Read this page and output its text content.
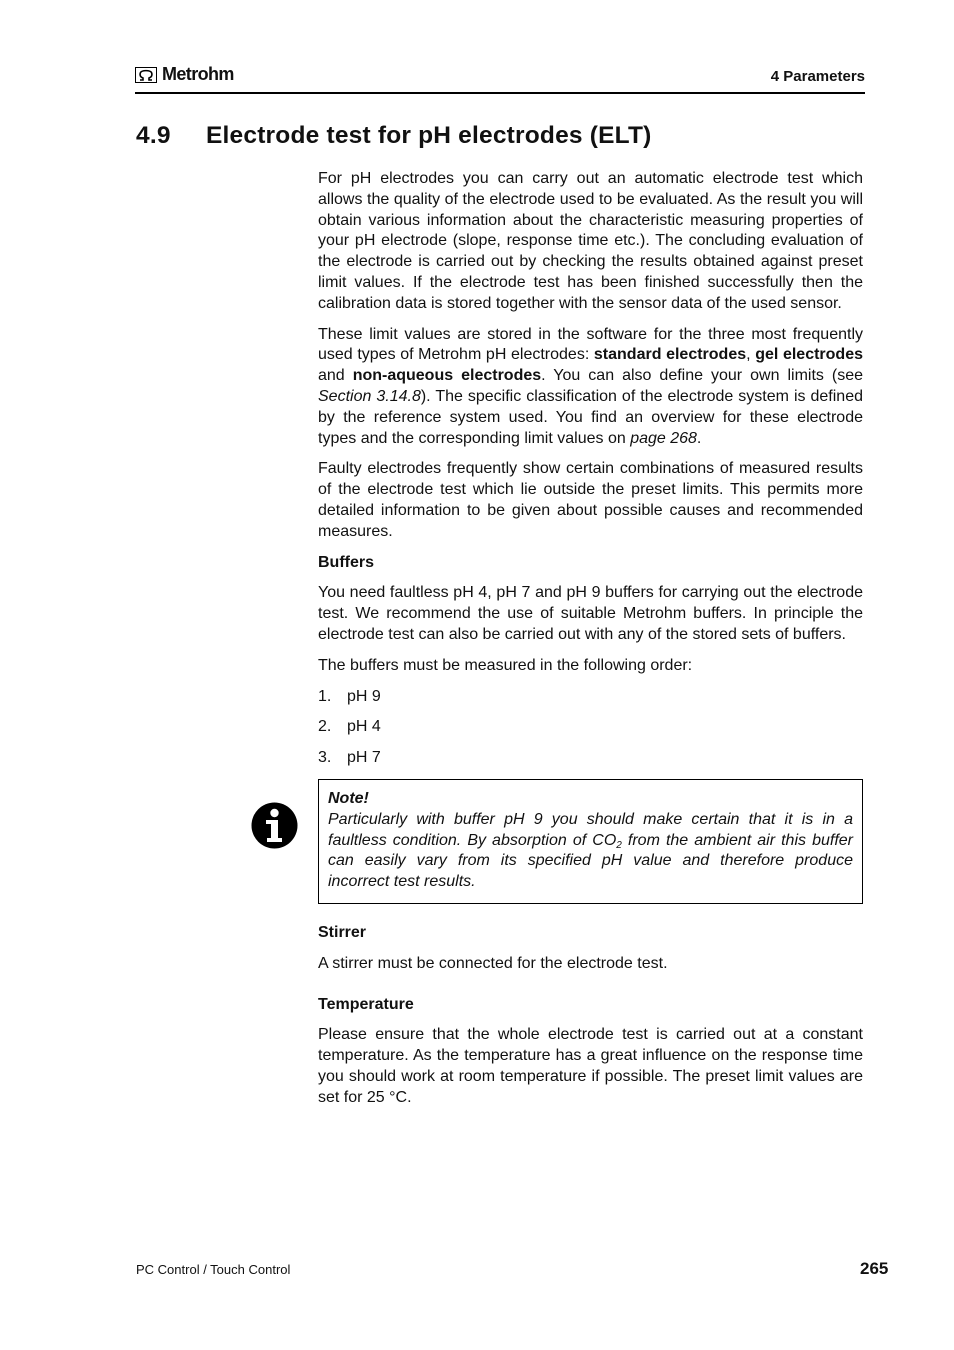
Metrohm	4 Parameters
4.9 Electrode test for pH electrodes (ELT)

For pH electrodes you can carry out an automatic electrode test which allows the quality of the electrode used to be evaluated. As the result you will obtain various information about the characteristic measuring properties of your pH electrode (slope, response time etc.). The concluding evaluation of the electrode is carried out by checking the results obtained against preset limit values. If the electrode test has been finished successfully then the calibration data is stored together with the sensor data of the used sensor.

These limit values are stored in the software for the three most frequently used types of Metrohm pH electrodes: standard electrodes, gel electrodes and non-aqueous electrodes. You can also define your own limits (see Section 3.14.8). The specific classification of the electrode system is defined by the reference system used. You find an overview for these electrode types and the corresponding limit values on page 268.

Faulty electrodes frequently show certain combinations of measured results of the electrode test which lie outside the preset limits. This permits more detailed information to be given about possible causes and recommended measures.

Buffers

You need faultless pH 4, pH 7 and pH 9 buffers for carrying out the electrode test. We recommend the use of suitable Metrohm buffers. In principle the electrode test can also be carried out with any of the stored sets of buffers.

The buffers must be measured in the following order:

1. pH 9
2. pH 4
3. pH 7
Note!
Particularly with buffer pH 9 you should make certain that it is in a faultless condition. By absorption of $CO_2$ from the ambient air this buffer can easily vary from its specified pH value and therefore produce incorrect test results.
Stirrer

A stirrer must be connected for the electrode test.

Temperature

Please ensure that the whole electrode test is carried out at a constant temperature. As the temperature has a great influence on the response time you should work at room temperature if possible. The preset limit values are set for 25 °C.

PC Control / Touch Control	265
